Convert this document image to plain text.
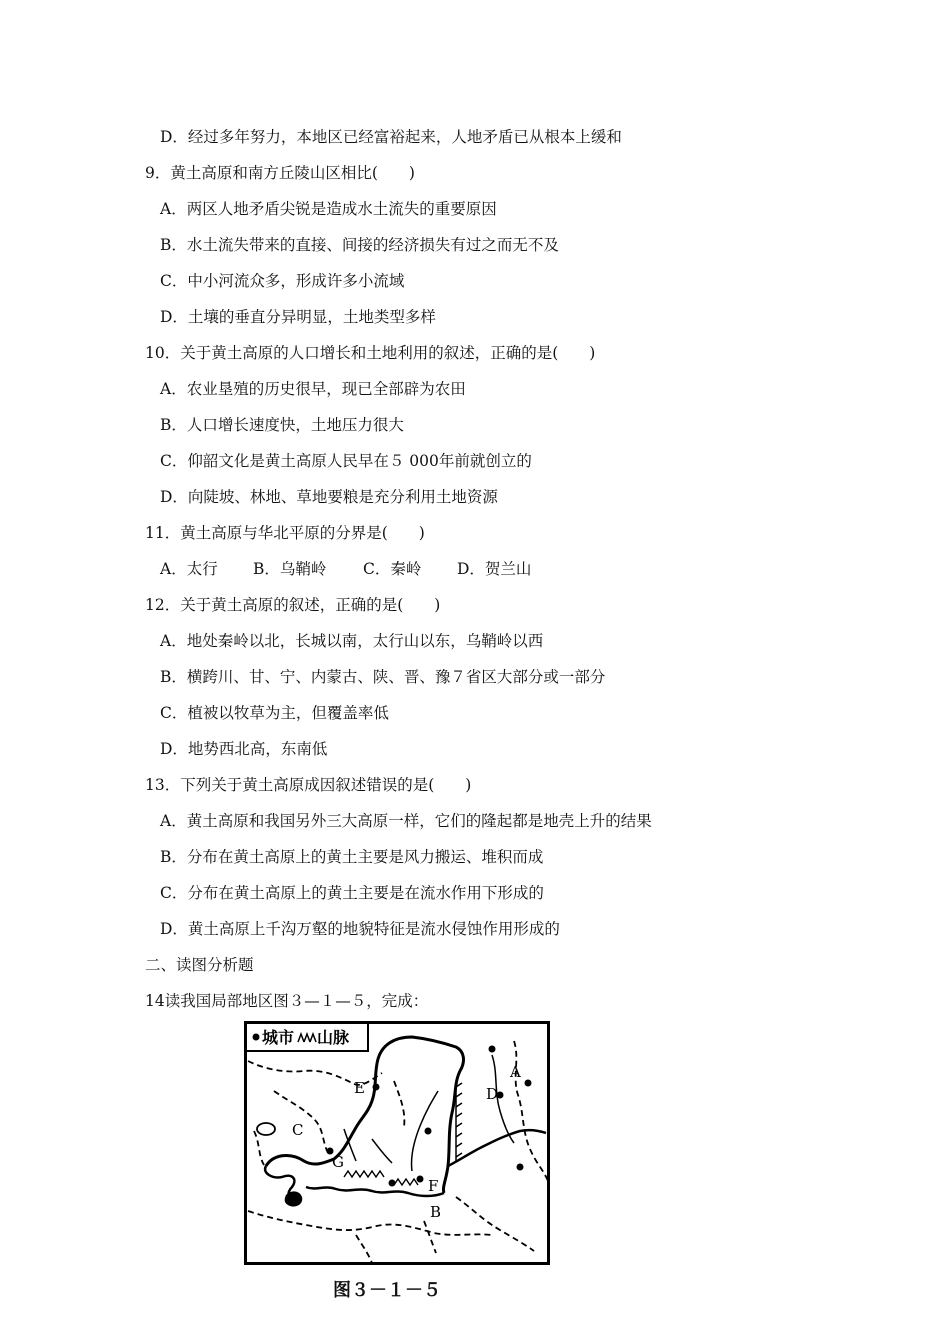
D．经过多年努力，本地区已经富裕起来，人地矛盾已从根本上缓和
9．黄土高原和南方丘陵山区相比(　　)
A．两区人地矛盾尖锐是造成水土流失的重要原因
B．水土流失带来的直接、间接的经济损失有过之而无不及
C．中小河流众多，形成许多小流域
D．土壤的垂直分异明显，土地类型多样
10．关于黄土高原的人口增长和土地利用的叙述，正确的是(　　)
A．农业垦殖的历史很早，现已全部辟为农田
B．人口增长速度快，土地压力很大
C．仰韶文化是黄土高原人民早在５ 000年前就创立的
D．向陡坡、林地、草地要粮是充分利用土地资源
11．黄土高原与华北平原的分界是(　　)
A．太行 B．乌鞘岭 C．秦岭 D．贺兰山
12．关于黄土高原的叙述，正确的是(　　)
A．地处秦岭以北，长城以南，太行山以东，乌鞘岭以西
B．横跨川、甘、宁、内蒙古、陕、晋、豫７省区大部分或一部分
C．植被以牧草为主，但覆盖率低
D．地势西北高，东南低
13．下列关于黄土高原成因叙述错误的是(　　)
A．黄土高原和我国另外三大高原一样，它们的隆起都是地壳上升的结果
B．分布在黄土高原上的黄土主要是风力搬运、堆积而成
C．分布在黄土高原上的黄土主要是在流水作用下形成的
D．黄土高原上千沟万壑的地貌特征是流水侵蚀作用形成的
二、读图分析题
14读我国局部地区图３—１—５，完成：
城市 山脉
A
B
C
D
E
F
G
图３－１－５
